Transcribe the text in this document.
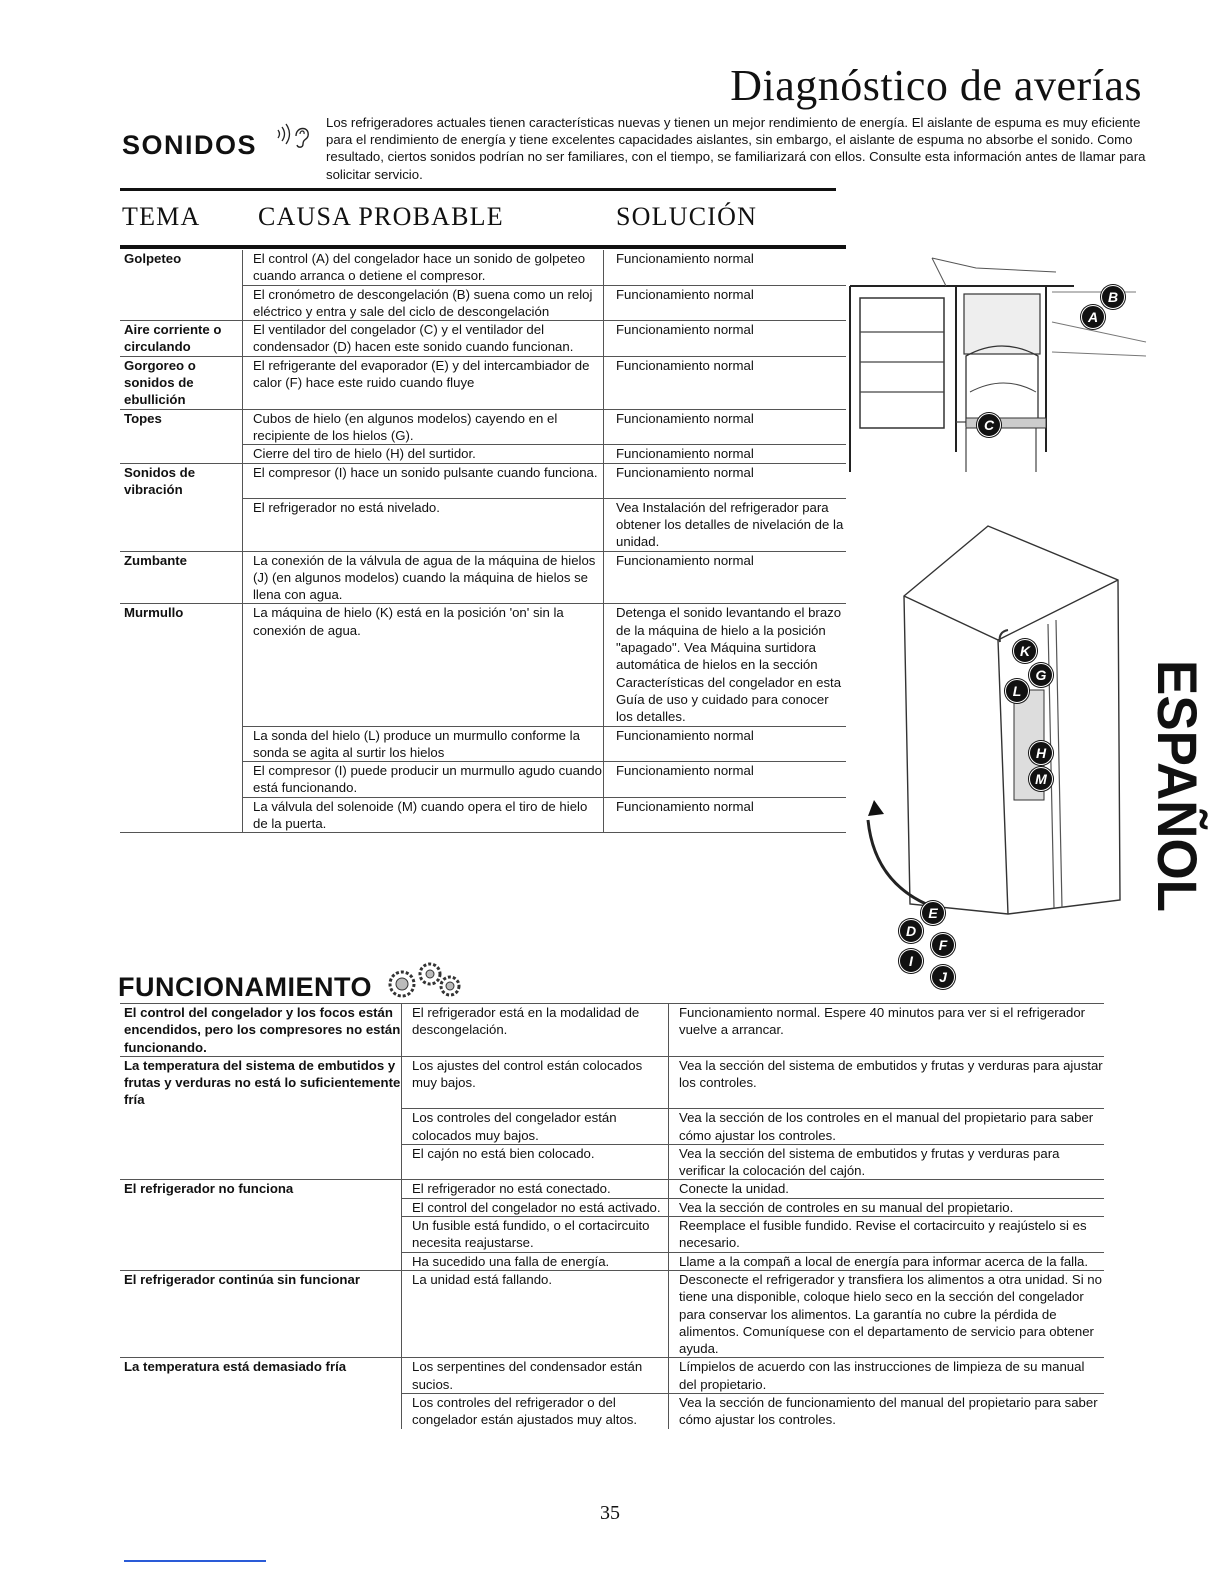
Diagnóstico de averías
SONIDOS
Los refrigeradores actuales tienen características nuevas y tienen un mejor rendimiento de energía. El aislante de espuma es muy eficiente para el rendimiento de energía y tiene excelentes capacidades aislantes, sin embargo, el aislante de espuma no absorbe el sonido. Como resultado, ciertos sonidos podrían no ser familiares, con el tiempo, se familiarizará con ellos. Consulte esta información antes de llamar para solicitar servicio.
TEMA CAUSA PROBABLE	SOLUCIÓN
Golpeteo	El control (A) del congelador hace un sonido de golpeteo cuando arranca o detiene el compresor.	Funcionamiento normal
	El cronómetro de descongelación (B) suena como un reloj eléctrico y entra y sale del ciclo de descongelación	Funcionamiento normal
Aire corriente o circulando	El ventilador del congelador (C) y el ventilador del condensador (D) hacen este sonido cuando funcionan.	Funcionamiento normal
Gorgoreo o sonidos de ebullición	El refrigerante del evaporador (E) y del intercambiador de calor (F) hace este ruido cuando fluye	Funcionamiento normal
Topes	Cubos de hielo (en algunos modelos) cayendo en el recipiente de los hielos (G).	Funcionamiento normal
	Cierre del tiro de hielo (H) del surtidor.	Funcionamiento normal
Sonidos de vibración	El compresor (I) hace un sonido pulsante cuando funciona.	Funcionamiento normal
	El refrigerador no está nivelado.	Vea Instalación del refrigerador para obtener los detalles de nivelación de la unidad.
Zumbante	La conexión de la válvula de agua de la máquina de hielos (J) (en algunos modelos) cuando la máquina de hielos se llena con agua.	Funcionamiento normal
Murmullo	La máquina de hielo (K) está en la posición 'on' sin la conexión de agua.	Detenga el sonido levantando el brazo de la máquina de hielo a la posición "apagado". Vea Máquina surtidora automática de hielos en la sección Características del congelador en esta Guía de uso y cuidado para conocer los detalles.
	La sonda del hielo (L) produce un murmullo conforme la sonda se agita al surtir los hielos	Funcionamiento normal
	El compresor (I) puede producir un murmullo agudo cuando está funcionando.	Funcionamiento normal
	La válvula del solenoide (M) cuando opera el tiro de hielo de la puerta.	Funcionamiento normal
A
B
C
D
E
F
G
H
I
J
K
L
M ESPAÑOL
FUNCIONAMIENTO
El control del congelador y los focos están encendidos, pero los compresores no están funcionando.	El refrigerador está en la modalidad de descongelación.	Funcionamiento normal. Espere 40 minutos para ver si el refrigerador vuelve a arrancar.
La temperatura del sistema de embutidos y frutas y verduras no está lo suficientemente fría	Los ajustes del control están colocados muy bajos.	Vea la sección del sistema de embutidos y frutas y verduras para ajustar los controles.
	Los controles del congelador están colocados muy bajos.	Vea la sección de los controles en el manual del propietario para saber cómo ajustar los controles.
	El cajón no está bien colocado.	Vea la sección del sistema de embutidos y frutas y verduras para verificar la colocación del cajón.
El refrigerador no funciona	El refrigerador no está conectado.	Conecte la unidad.
	El control del congelador no está activado.	Vea la sección de controles en su manual del propietario.
	Un fusible está fundido, o el cortacircuito necesita reajustarse.	Reemplace el fusible fundido. Revise el cortacircuito y reajústelo si es necesario.
	Ha sucedido una falla de energía.	Llame a la compañ a local de energía para informar acerca de la falla.
El refrigerador continúa sin funcionar	La unidad está fallando.	Desconecte el refrigerador y transfiera los alimentos a otra unidad. Si no tiene una disponible, coloque hielo seco en la sección del congelador para conservar los alimentos. La garantía no cubre la pérdida de alimentos. Comuníquese con el departamento de servicio para obtener ayuda.
La temperatura está demasiado fría	Los serpentines del condensador están sucios.	Límpielos de acuerdo con las instrucciones de limpieza de su manual del propietario.
	Los controles del refrigerador o del congelador están ajustados muy altos.	Vea la sección de funcionamiento del manual del propietario para saber cómo ajustar los controles.
35
